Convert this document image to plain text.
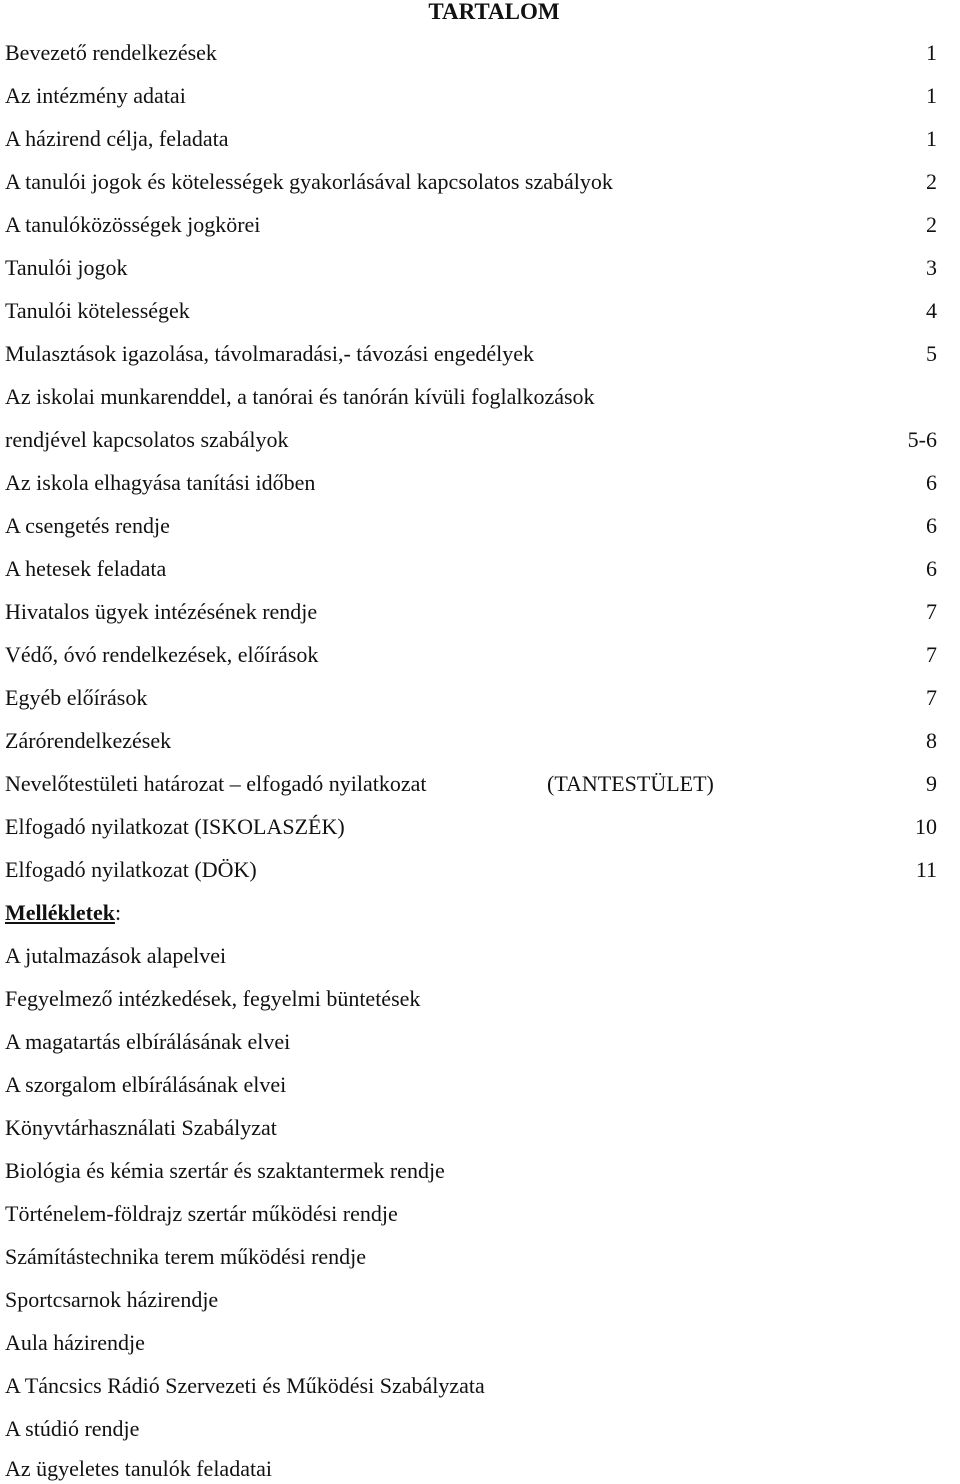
TARTALOM
Bevezető rendelkezések	1
Az intézmény adatai	1
A házirend célja, feladata	1
A tanulói jogok és kötelességek gyakorlásával kapcsolatos szabályok	2
A tanulóközösségek jogkörei	2
Tanulói jogok	3
Tanulói kötelességek	4
Mulasztások igazolása, távolmaradási,- távozási engedélyek	5
Az iskolai munkarenddel, a tanórai és tanórán kívüli foglalkozások
rendjével kapcsolatos szabályok	5-6
Az iskola elhagyása tanítási időben	6
A csengetés rendje	6
A hetesek feladata	6
Hivatalos ügyek intézésének rendje	7
Védő, óvó rendelkezések, előírások	7
Egyéb előírások	7
Zárórendelkezések	8
Nevelőtestületi határozat – elfogadó nyilatkozat	(TANTESTÜLET)	9
Elfogadó nyilatkozat (ISKOLASZÉK)	10
Elfogadó nyilatkozat (DÖK)	11
Mellékletek:
A jutalmazások alapelvei
Fegyelmező intézkedések, fegyelmi büntetések
A magatartás elbírálásának elvei
A szorgalom elbírálásának elvei
Könyvtárhasználati Szabályzat
Biológia és kémia szertár és szaktantermek rendje
Történelem-földrajz szertár működési rendje
Számítástechnika terem működési rendje
Sportcsarnok házirendje
Aula házirendje
A Táncsics Rádió Szervezeti és Működési Szabályzata
A stúdió rendje
Az ügyeletes tanulók feladatai
